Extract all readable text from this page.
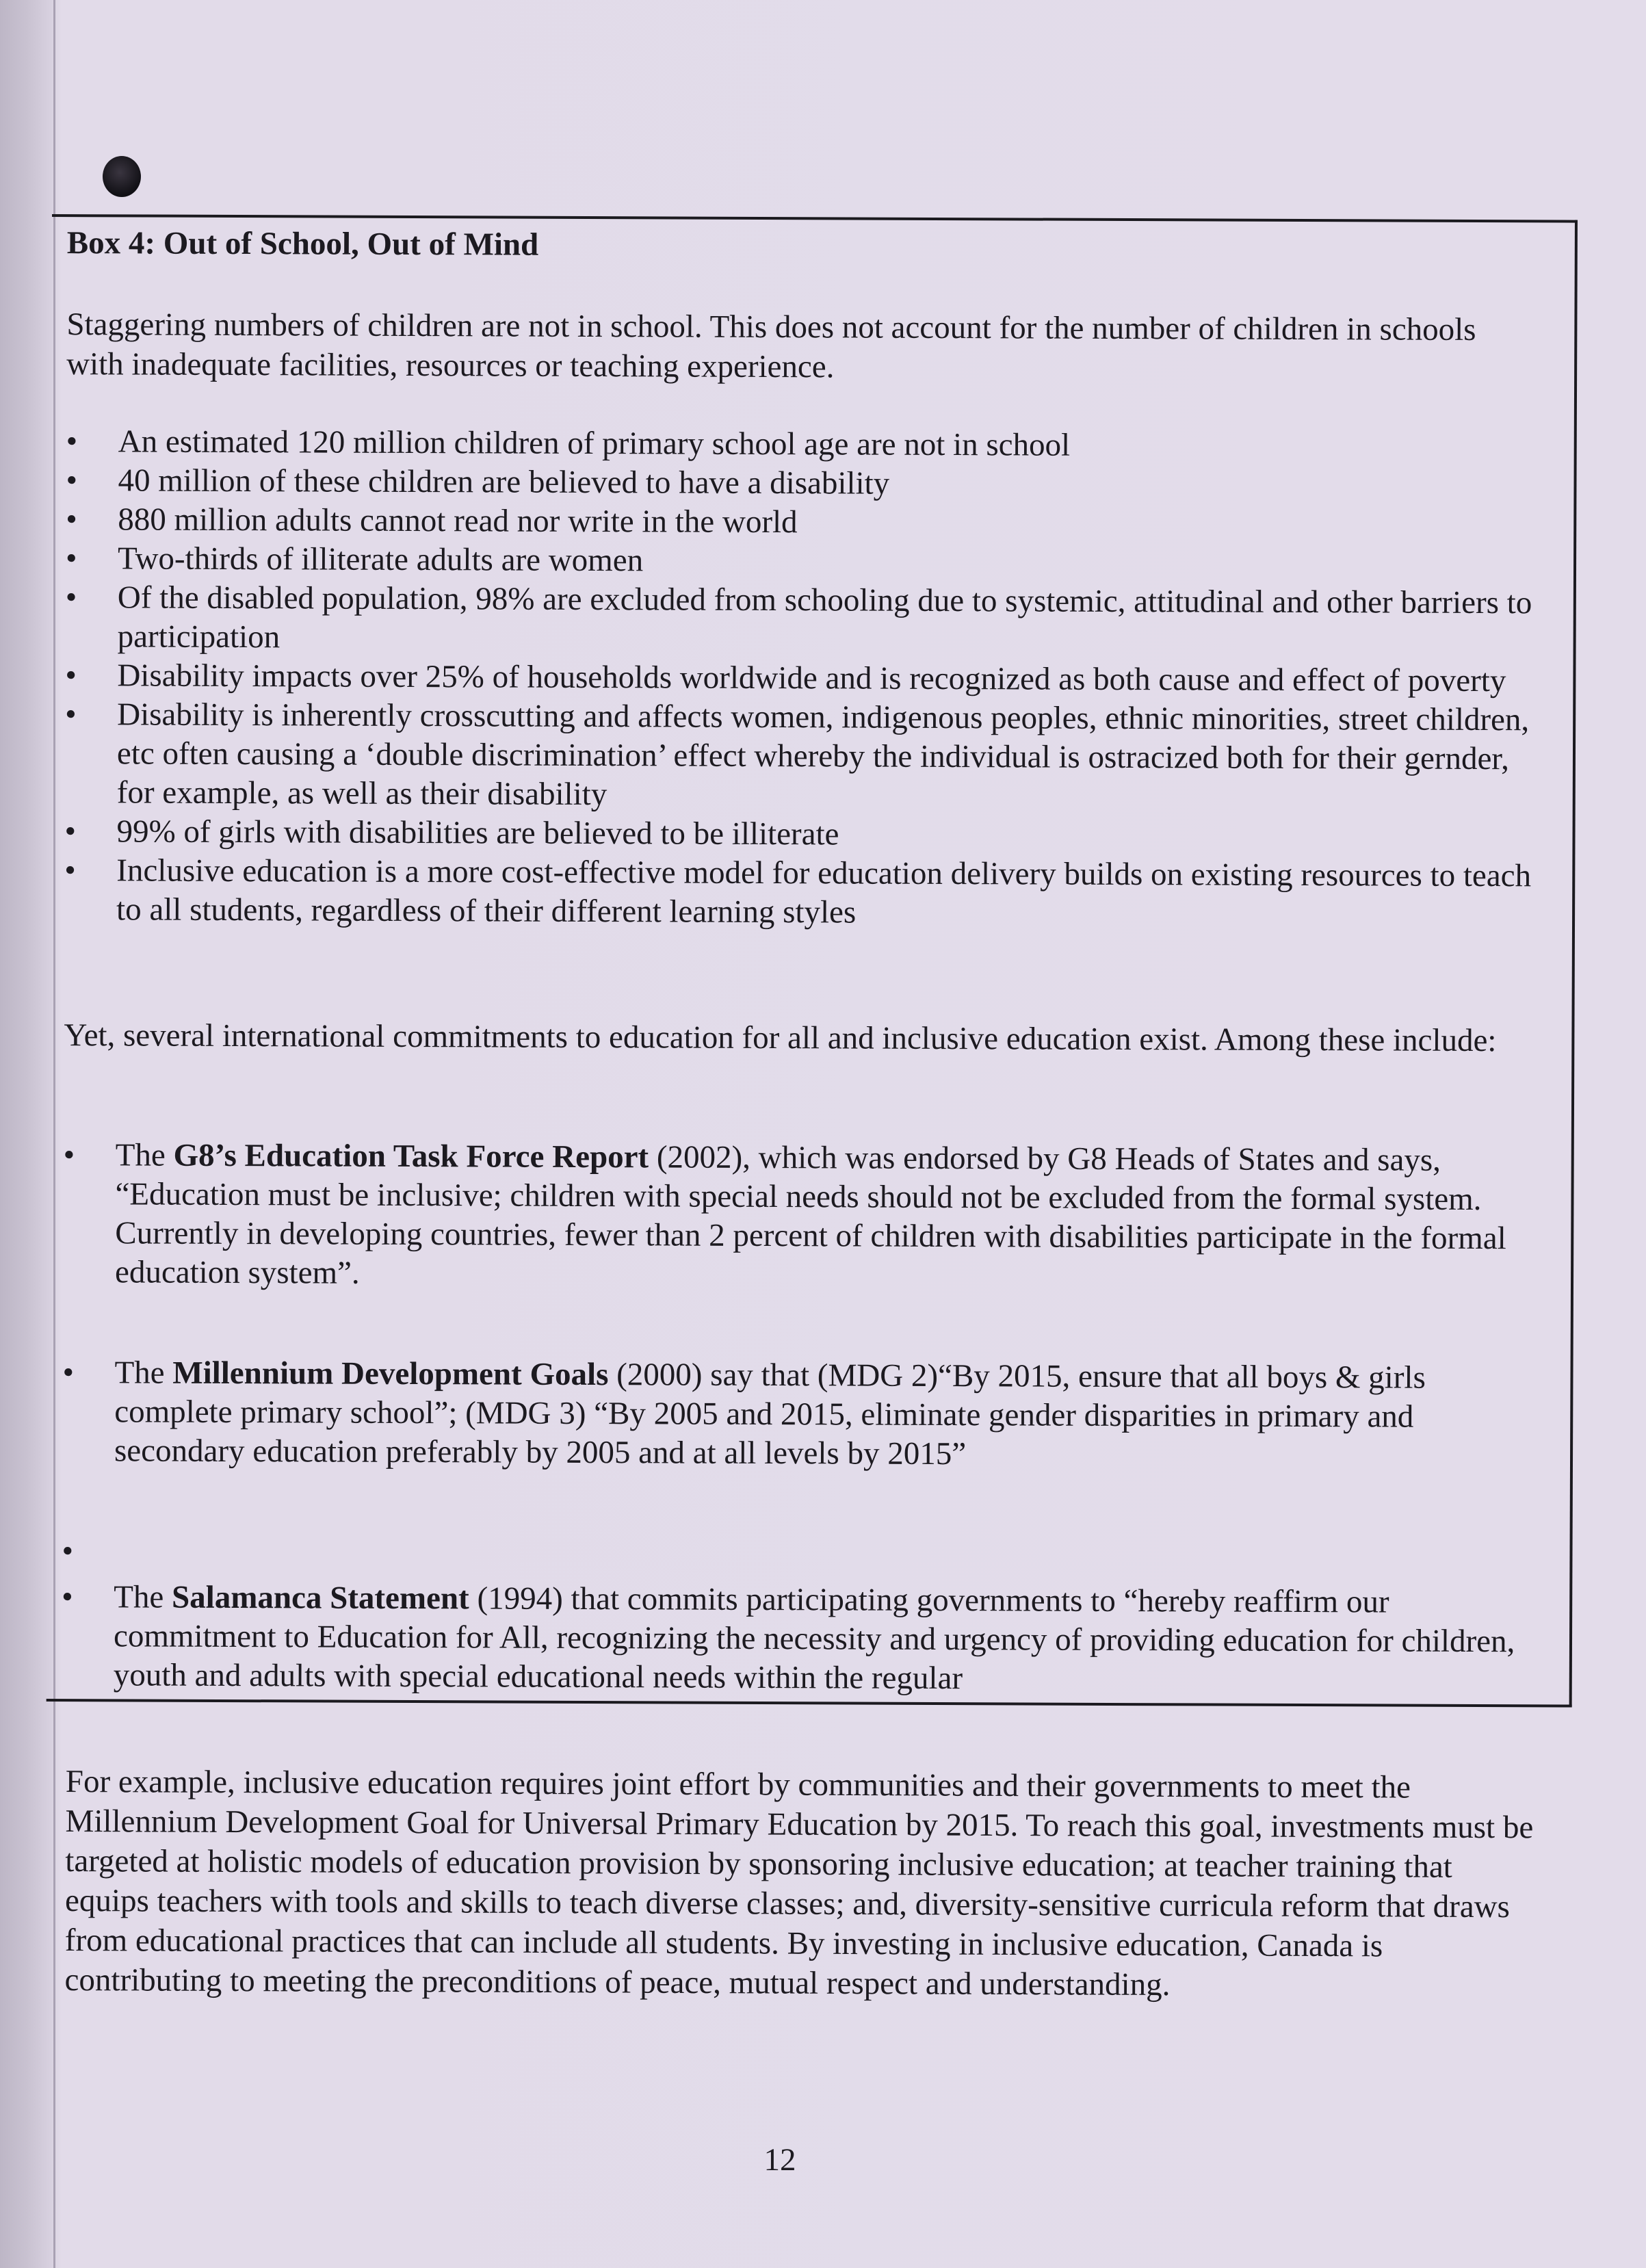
Box 4: Out of School, Out of Mind
Staggering numbers of children are not in school. This does not account for the number of children in schools with inadequate facilities, resources or teaching experience.
•	An estimated 120 million children of primary school age are not in school
•	40 million of these children are believed to have a disability
•	880 million adults cannot read nor write in the world
•	Two-thirds of illiterate adults are women
•	Of the disabled population, 98% are excluded from schooling due to systemic, attitudinal and other barriers to participation
•	Disability impacts over 25% of households worldwide and is recognized as both cause and effect of poverty
•	Disability is inherently crosscutting and affects women, indigenous peoples, ethnic minorities, street children, etc often causing a ‘double discrimination’ effect whereby the individual is ostracized both for their gernder, for example, as well as their disability
•	99% of girls with disabilities are believed to be illiterate
•	Inclusive education is a more cost-effective model for education delivery builds on existing resources to teach to all students, regardless of their different learning styles
Yet, several international commitments to education for all and inclusive education exist. Among these include:
•	The G8’s Education Task Force Report (2002), which was endorsed by G8 Heads of States and says, “Education must be inclusive; children with special needs should not be excluded from the formal system. Currently in developing countries, fewer than 2 percent of children with disabilities participate in the formal education system”.
•	The Millennium Development Goals (2000) say that (MDG 2)“By 2015, ensure that all boys & girls complete primary school”; (MDG 3) “By 2005 and 2015, eliminate gender disparities in primary and secondary education preferably by 2005 and at all levels by 2015”
•
•	The Salamanca Statement (1994) that commits participating governments to “hereby reaffirm our commitment to Education for All, recognizing the necessity and urgency of providing education for children, youth and adults with special educational needs within the regular
For example, inclusive education requires joint effort by communities and their governments to meet the Millennium Development Goal for Universal Primary Education by 2015. To reach this goal, investments must be targeted at holistic models of education provision by sponsoring inclusive education; at teacher training that equips teachers with tools and skills to teach diverse classes; and, diversity-sensitive curricula reform that draws from educational practices that can include all students. By investing in inclusive education, Canada is contributing to meeting the preconditions of peace, mutual respect and understanding.
12
